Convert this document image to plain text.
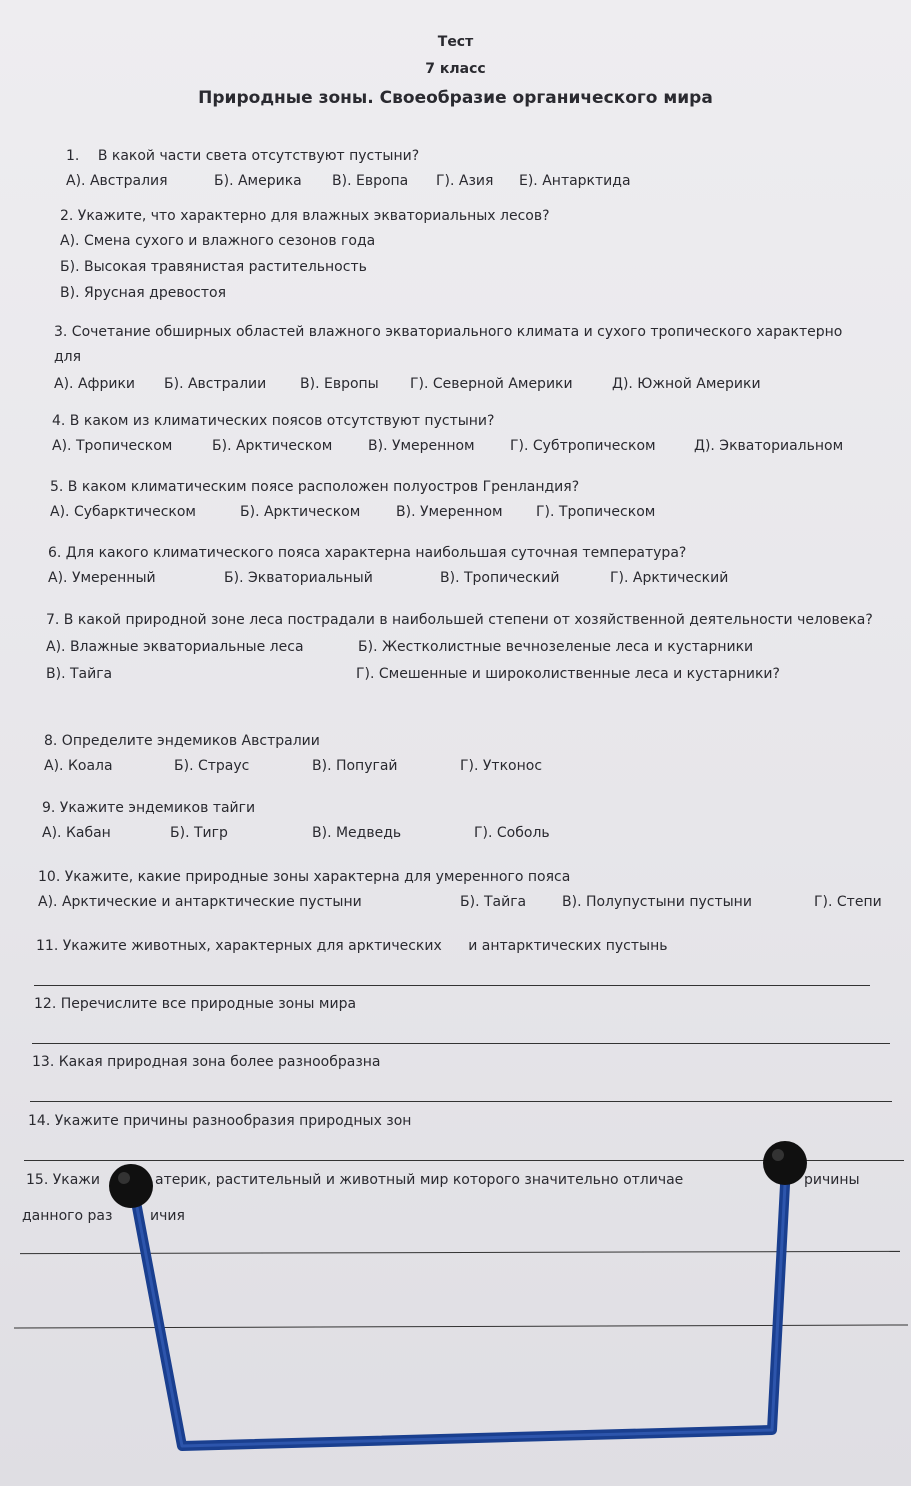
Тест
7 класс
Природные зоны. Своеобразие органического мира
1. В какой части света отсутствуют пустыни?
А). Австралия	Б). Америка В). Европа Г). Азия Е). Антарктида
2. Укажите, что характерно для влажных экваториальных лесов?
А). Смена сухого и влажного сезонов года
Б). Высокая травянистая растительность
В). Ярусная древостоя
3. Сочетание обширных областей влажного экваториального климата и сухого тропического характерно для
А). Африки Б). Австралии В). Европы Г). Северной Америки	Д). Южной Америки
4. В каком из климатических поясов отсутствуют пустыни?
А). Тропическом	Б). Арктическом	В). Умеренном	Г). Субтропическом	Д). Экваториальном
5. В каком климатическим поясе расположен полуостров Гренландия?
А). Субарктическом	Б). Арктическом	В). Умеренном Г). Тропическом
6. Для какого климатического пояса характерна наибольшая суточная температура?
А). Умеренный	Б). Экваториальный	В). Тропический	Г). Арктический
7. В какой природной зоне леса пострадали в наибольшей степени от хозяйственной деятельности человека?
А). Влажные экваториальные леса	Б). Жестколистные вечнозеленые леса и кустарники
В). Тайга	Г). Смешенные и широколиственные леса и кустарники?
8. Определите эндемиков Австралии
А). Коала	Б). Страус	В). Попугай	Г). Утконос
9. Укажите эндемиков тайги
А). Кабан	Б). Тигр	В). Медведь	Г). Соболь
10. Укажите, какие природные зоны характерна для умеренного пояса
А). Арктические и антарктические пустыни	Б). Тайга	В). Полупустыни пустыни	Г). Степи
11. Укажите животных, характерных для арктических и антарктических пустынь
12. Перечислите все природные зоны мира
13. Какая природная зона более разнообразна
14. Укажите причины разнообразия природных зон
15. Укажи	атерик, растительный и животный мир которого значительно отличае	ричины
данного раз	ичия
